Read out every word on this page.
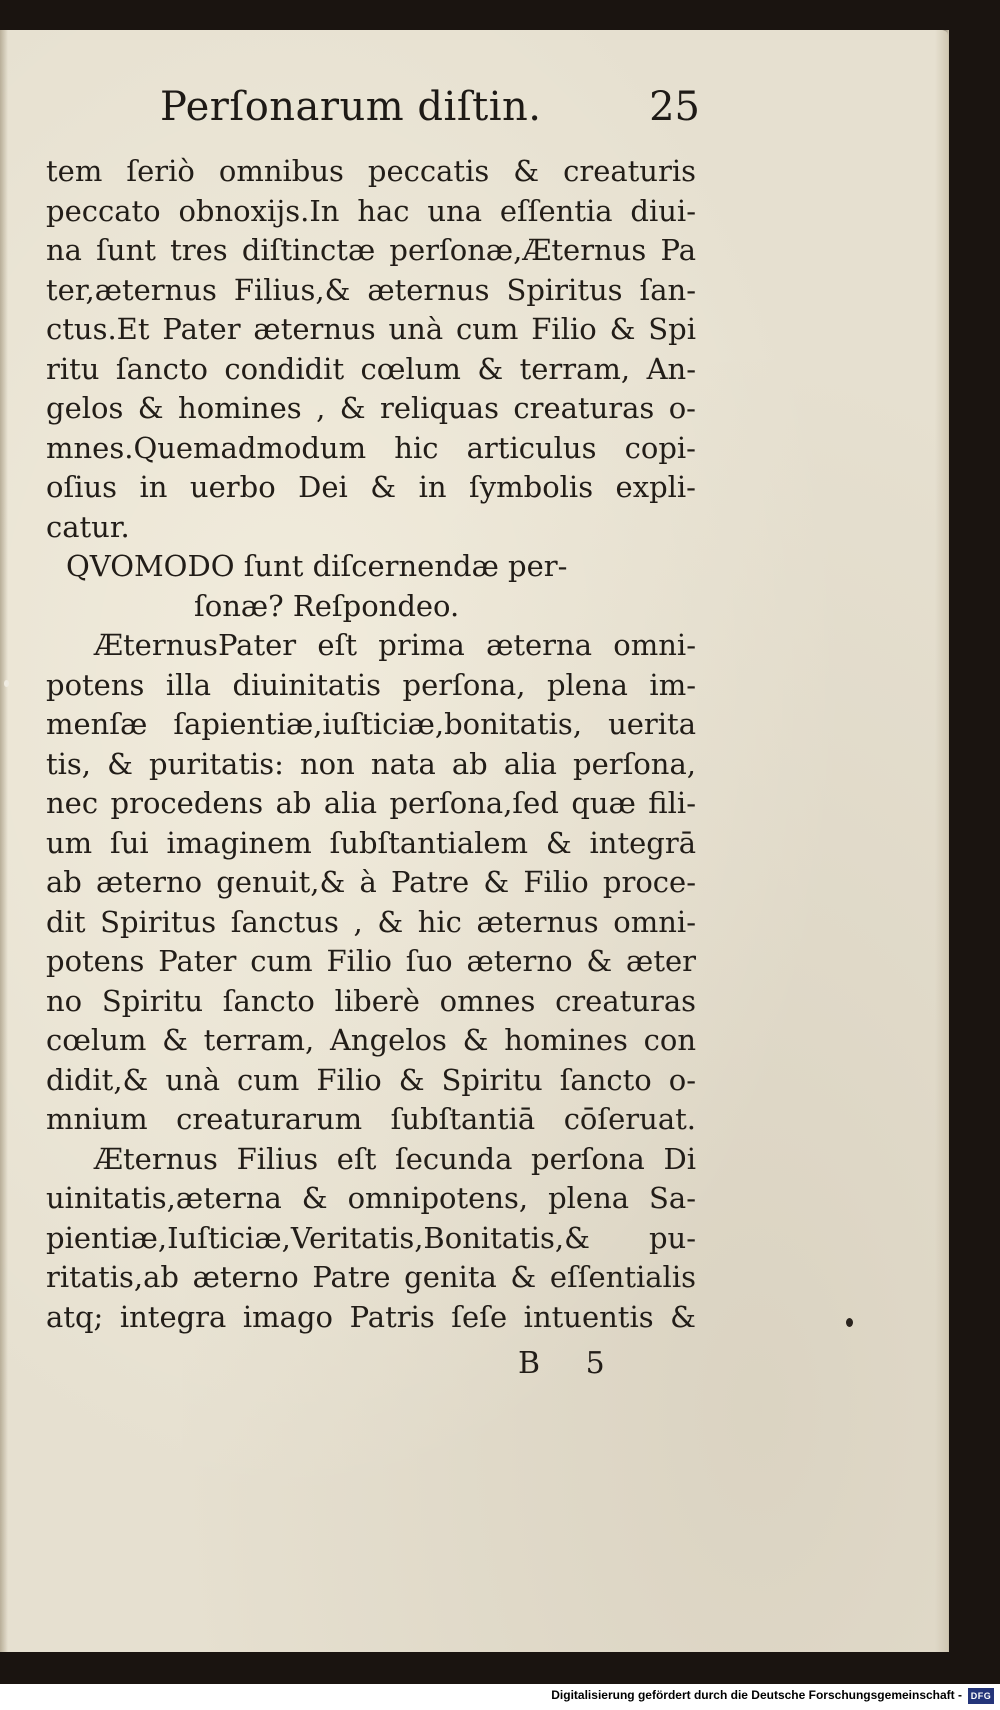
Perſonarum diſtin.	25
tem ſeriò omnibus peccatis & creaturis
peccato obnoxijs.In hac una eſſentia diui-
na ſunt tres diſtinctæ perſonæ,Æternus Pa
ter,æternus Filius,& æternus Spiritus ſan-
ctus.Et Pater æternus unà cum Filio & Spi
ritu ſancto condidit cœlum & terram, An-
gelos & homines , & reliquas creaturas o-
mnes.Quemadmodum hic articulus copi-
oſius in uerbo Dei & in ſymbolis expli-
catur.
QVOMODO ſunt diſcernendæ per-
ſonæ? Reſpondeo.
ÆternusPater eſt prima æterna omni-
potens illa diuinitatis perſona, plena im-
menſæ ſapientiæ,iuſticiæ,bonitatis, uerita
tis, & puritatis: non nata ab alia perſona,
nec procedens ab alia perſona,ſed quæ fili-
um ſui imaginem ſubſtantialem & integrā
ab æterno genuit,& à Patre & Filio proce-
dit Spiritus ſanctus , & hic æternus omni-
potens Pater cum Filio ſuo æterno & æter
no Spiritu ſancto liberè omnes creaturas
cœlum & terram, Angelos & homines con
didit,& unà cum Filio & Spiritu ſancto o-
mnium creaturarum ſubſtantiā cōſeruat.
Æternus Filius eſt ſecunda perſona Di
uinitatis,æterna & omnipotens, plena Sa-
pientiæ,Iuſticiæ,Veritatis,Bonitatis,& pu-
ritatis,ab æterno Patre genita & eſſentialis
atq; integra imago Patris ſeſe intuentis &
B 5
Digitalisierung gefördert durch die Deutsche Forschungsgemeinschaft - DFG
